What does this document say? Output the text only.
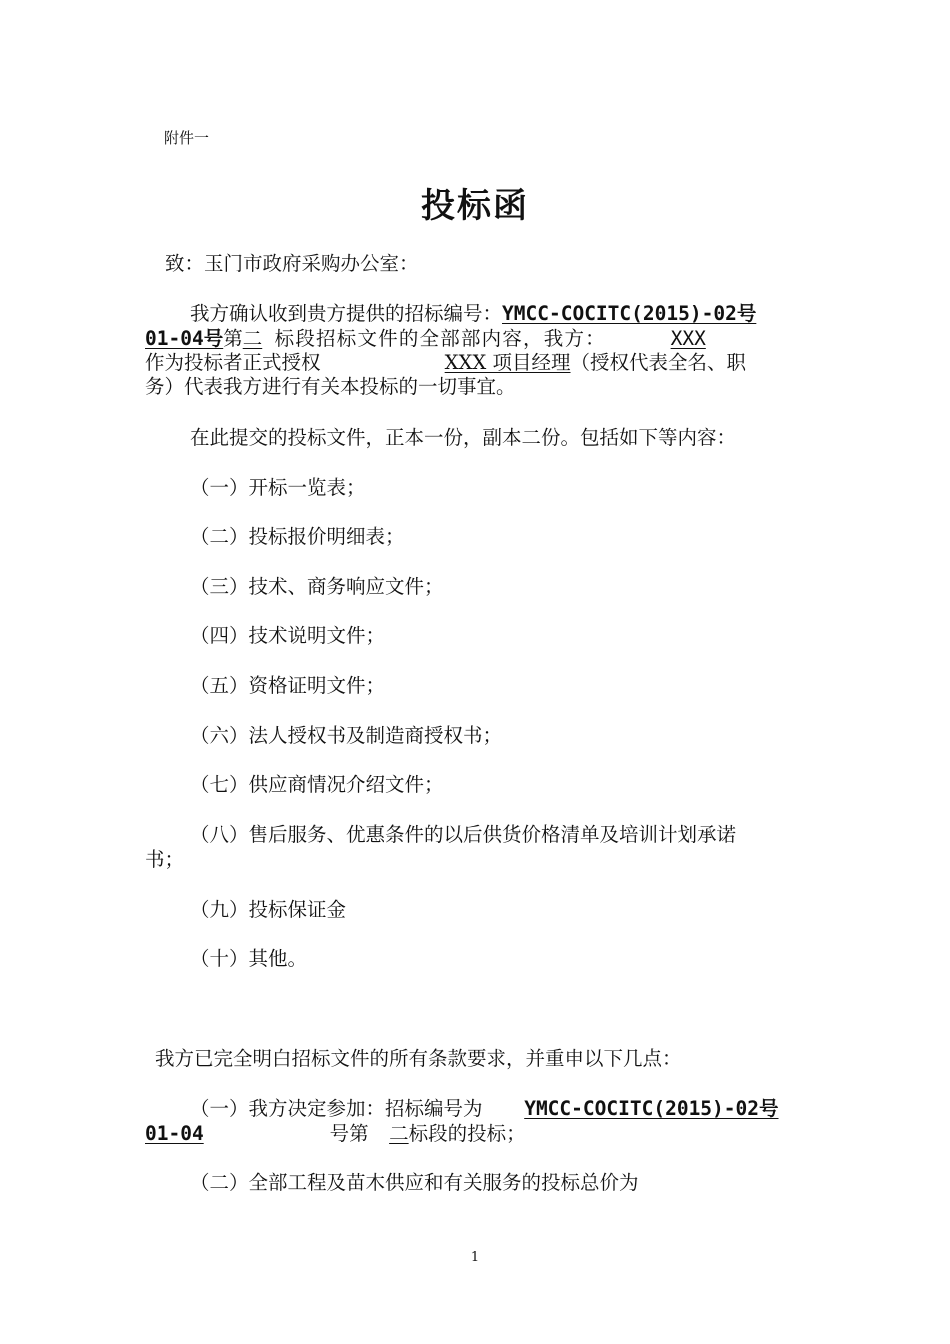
附件一
投标函
致：玉门市政府采购办公室：
我方确认收到贵方提供的招标编号：YMCC-COCITC(2015)-02号
01-04号第二 标段招标文件的全部部内容，我方：	XXX
作为投标者正式授权	XXX 项目经理（授权代表全名、职
务）代表我方进行有关本投标的一切事宜。
在此提交的投标文件，正本一份，副本二份。包括如下等内容：
（一）开标一览表；
（二）投标报价明细表；
（三）技术、商务响应文件；
（四）技术说明文件；
（五）资格证明文件；
（六）法人授权书及制造商授权书；
（七）供应商情况介绍文件；
（八）售后服务、优惠条件的以后供货价格清单及培训计划承诺
书；
（九）投标保证金
（十）其他。
我方已完全明白招标文件的所有条款要求，并重申以下几点：
（一）我方决定参加：招标编号为 YMCC-COCITC(2015)-02号
01-04	号第 二标段的投标；
（二）全部工程及苗木供应和有关服务的投标总价为
1
